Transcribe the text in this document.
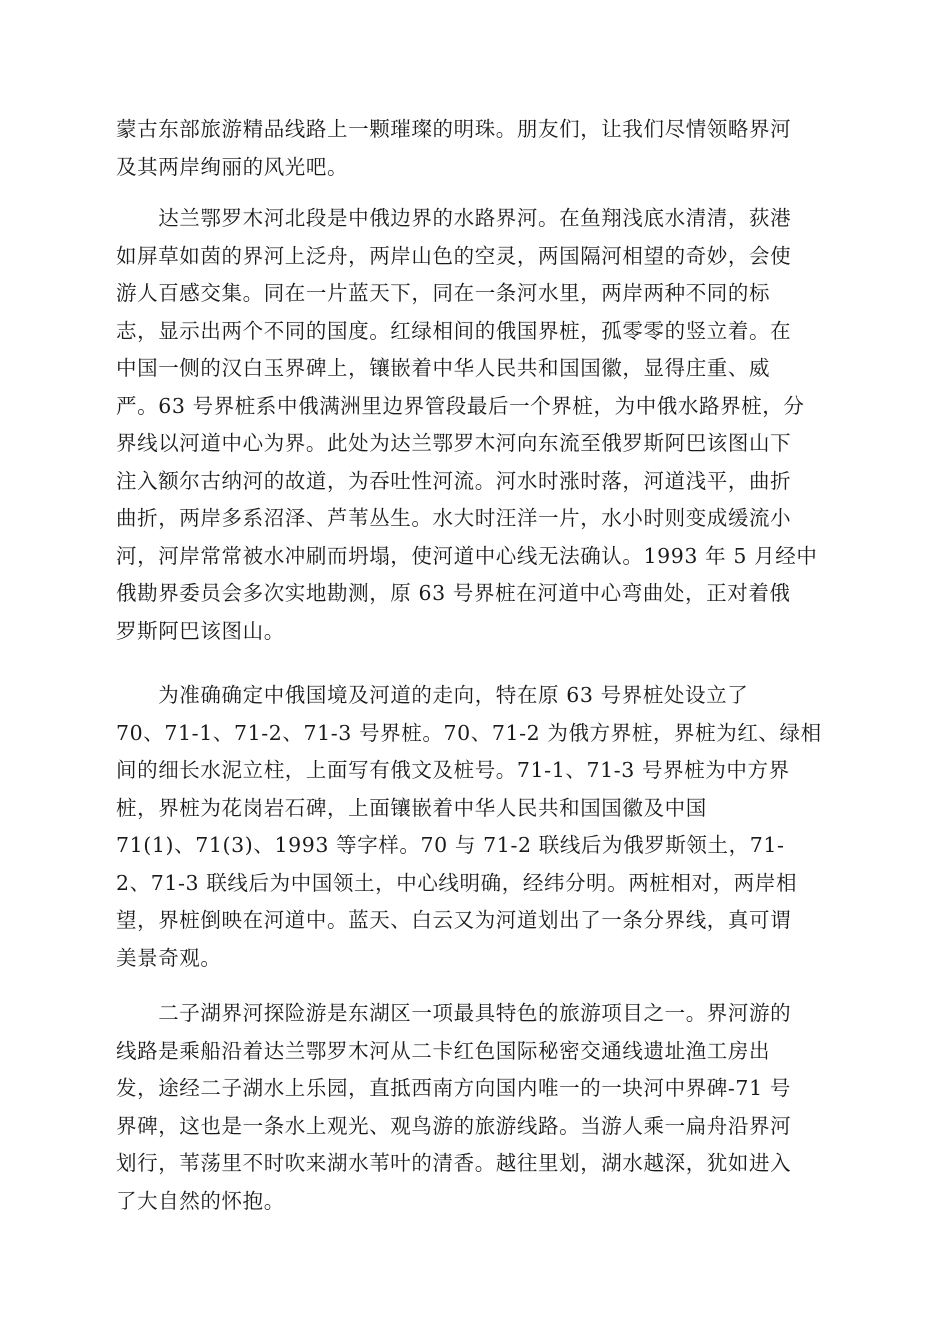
蒙古东部旅游精品线路上一颗璀璨的明珠。朋友们，让我们尽情领略界河
及其两岸绚丽的风光吧。
　　达兰鄂罗木河北段是中俄边界的水路界河。在鱼翔浅底水清清，荻港
如屏草如茵的界河上泛舟，两岸山色的空灵，两国隔河相望的奇妙，会使
游人百感交集。同在一片蓝天下，同在一条河水里，两岸两种不同的标
志，显示出两个不同的国度。红绿相间的俄国界桩，孤零零的竖立着。在
中国一侧的汉白玉界碑上，镶嵌着中华人民共和国国徽，显得庄重、威
严。63 号界桩系中俄满洲里边界管段最后一个界桩，为中俄水路界桩，分
界线以河道中心为界。此处为达兰鄂罗木河向东流至俄罗斯阿巴该图山下
注入额尔古纳河的故道，为吞吐性河流。河水时涨时落，河道浅平，曲折
曲折，两岸多系沼泽、芦苇丛生。水大时汪洋一片，水小时则变成缓流小
河，河岸常常被水冲刷而坍塌，使河道中心线无法确认。1993 年 5 月经中
俄勘界委员会多次实地勘测，原 63 号界桩在河道中心弯曲处，正对着俄
罗斯阿巴该图山。
　　为准确确定中俄国境及河道的走向，特在原 63 号界桩处设立了
70、71-1、71-2、71-3 号界桩。70、71-2 为俄方界桩，界桩为红、绿相
间的细长水泥立柱，上面写有俄文及桩号。71-1、71-3 号界桩为中方界
桩，界桩为花岗岩石碑，上面镶嵌着中华人民共和国国徽及中国
71(1)、71(3)、1993 等字样。70 与 71-2 联线后为俄罗斯领土，71-
2、71-3 联线后为中国领土，中心线明确，经纬分明。两桩相对，两岸相
望，界桩倒映在河道中。蓝天、白云又为河道划出了一条分界线，真可谓
美景奇观。
　　二子湖界河探险游是东湖区一项最具特色的旅游项目之一。界河游的
线路是乘船沿着达兰鄂罗木河从二卡红色国际秘密交通线遗址渔工房出
发，途经二子湖水上乐园，直抵西南方向国内唯一的一块河中界碑-71 号
界碑，这也是一条水上观光、观鸟游的旅游线路。当游人乘一扁舟沿界河
划行，苇荡里不时吹来湖水苇叶的清香。越往里划，湖水越深，犹如进入
了大自然的怀抱。
